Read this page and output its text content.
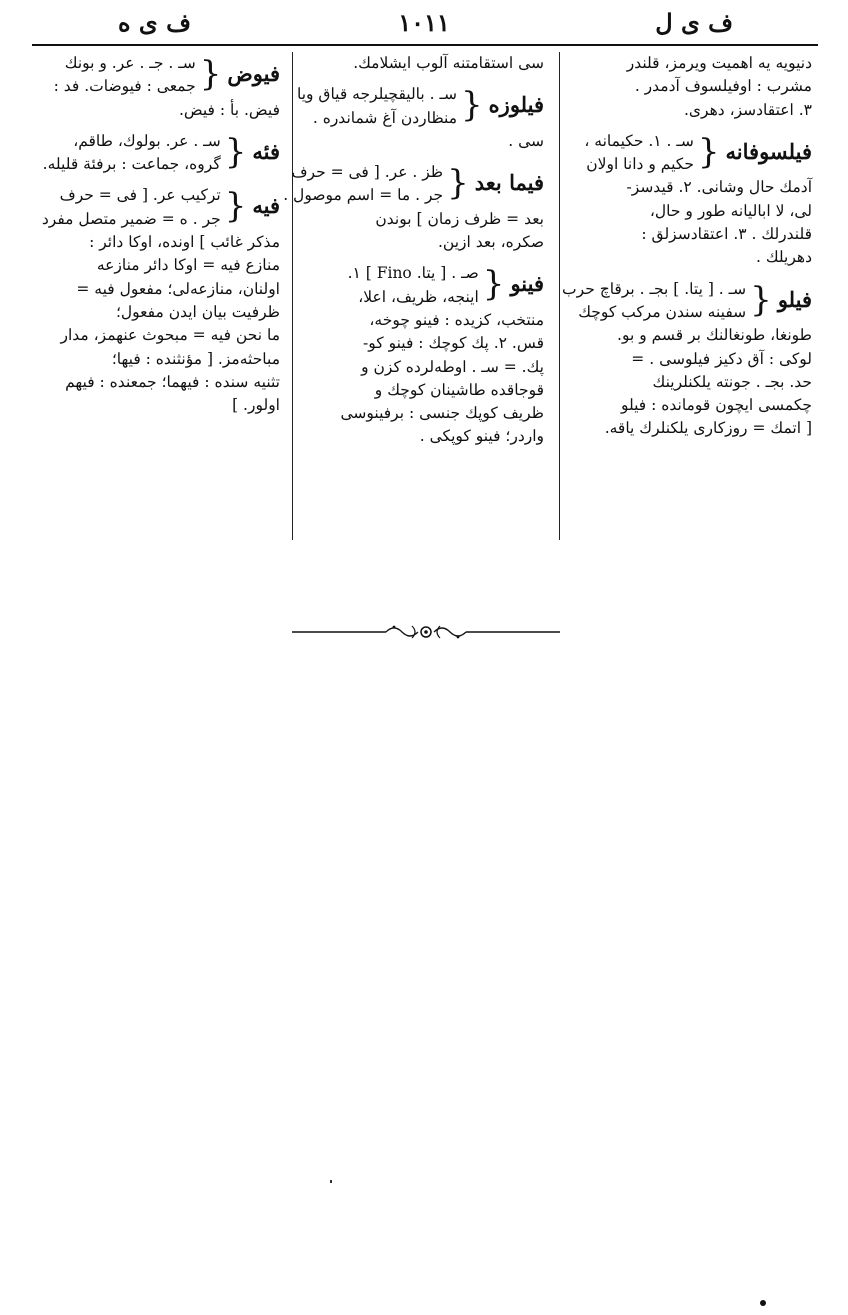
ف ى ل
١٠١١
ف ى ه
دنيويه يه اهميت ويرمز، قلندر
مشرب : اوفيلسوف آدمدر .
٣. اعتقادسز، دهرى.
فيلسوفانه
{
سـ . ١. حكيمانه ،
حكيم و دانا اولان
آدمك حال وشانى. ٢. قيدسز-
لى، لا اباليانه طور و حال،
قلندرلك . ٣. اعتقادسزلق :
دهريلك .
فيلو
{
سـ . [ يتا. ] بجـ . برقاچ حرب
سفينه سندن مركب كوچك
طونغا، طونغالنك بر قسم و بو.
لوكى : آق دكيز فيلوسى . =
حد. بجـ . جونته يلكنلرينك
چكمسى ايچون قومانده : فيلو
[ اتمك = روزكارى يلكنلرك ياقه.
سى استقامتنه آلوب ايشلامك.
فيلوزه
{
سـ . باليقچيلرجه قياق ويا
منظاردن آغ شماندره .
سى .
فيما بعد
{
ظز . عر. [ فى = حرف
جر . ما = اسم موصول .
بعد = ظرف زمان ] بوندن
صكره، بعد ازين.
فينو
{
صـ . [ يتا. Fino ] ١.
اينجه، ظريف، اعلا،
منتخب، كزيده : فينو چوخه،
قس. ٢. پك كوچك : فينو كو-
پك. = سـ . اوطه‌لرده كزن و
قوجاقده طاشينان كوچك و
ظريف كوپك جنسى : برفينوسى
واردر؛ فينو كوپكى .
فيوض
{
سـ . جـ . عر. و بونك
جمعى : فيوضات. فد :
فيض. بأ : فيض.
فئه
{
سـ . عر. بولوك، طاقم،
گروه، جماعت : برفئة قليله.
فيه
{
تركيب عر. [ فى = حرف
جر . ه = ضمير متصل مفرد
مذكر غائب ] اونده، اوكا دائر :
منازع فيه = اوكا دائر منازعه
اولنان، منازعه‌لى؛ مفعول فيه =
ظرفيت بيان ايدن مفعول؛
ما نحن فيه = مبحوث عنهمز، مدار
مباحثه‌مز. [ مؤنثنده : فيها؛
تثنيه سنده : فيهما؛ جمعنده : فيهم
اولور. ]
